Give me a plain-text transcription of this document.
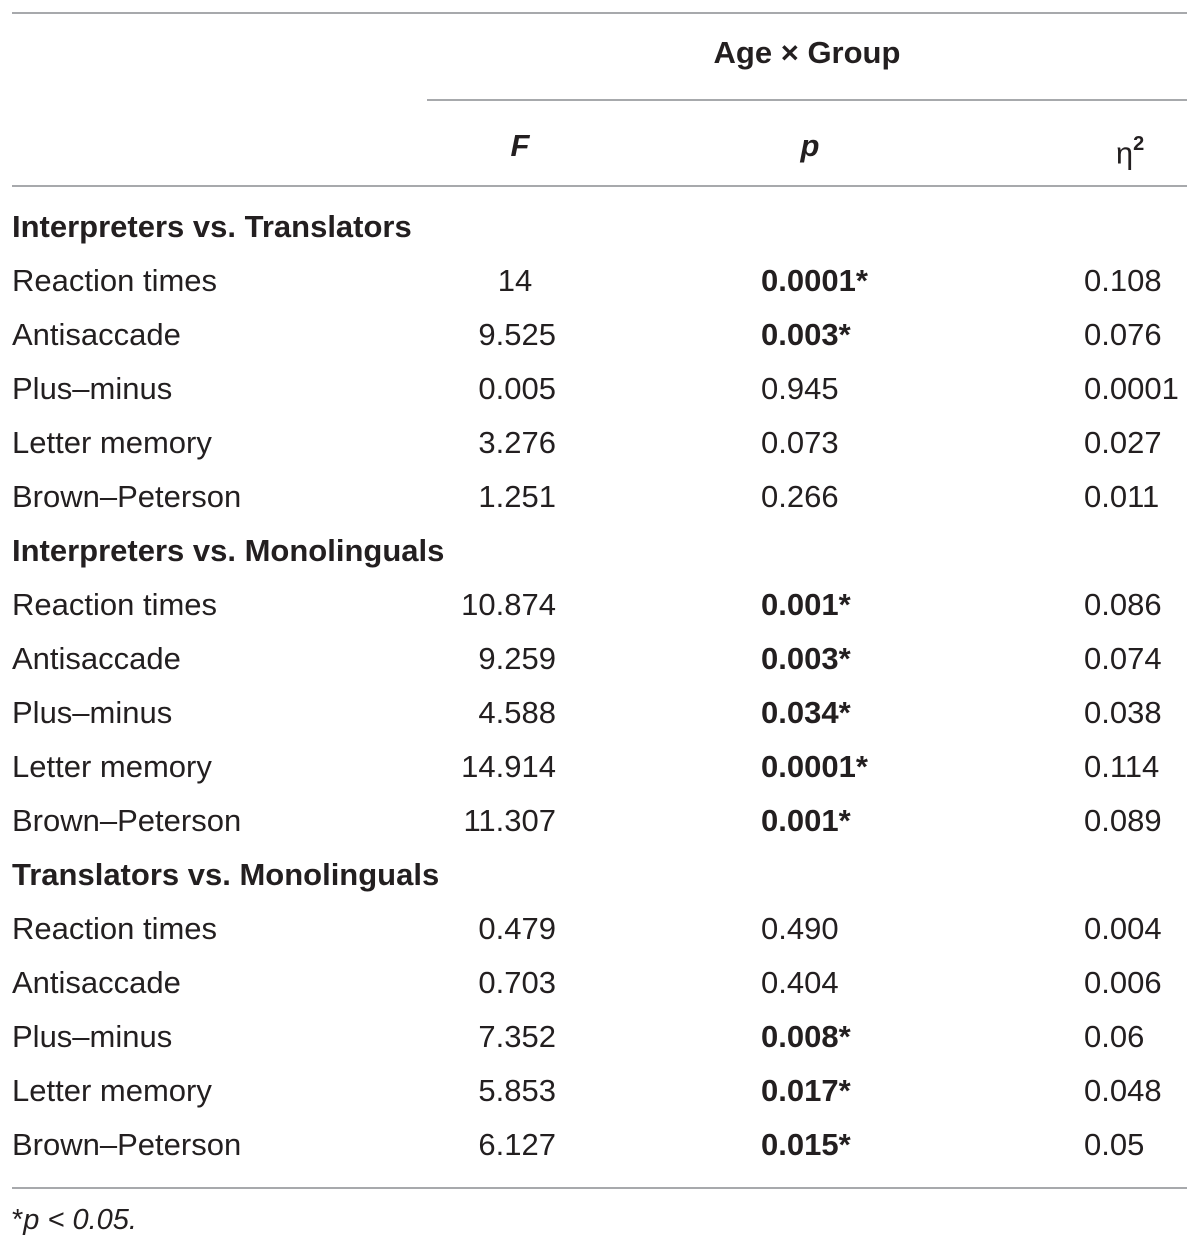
Age × Group
F	p	$\eta^2$
Interpreters vs. Translators
Reaction times	14	0.0001*	0.108
Antisaccade	9.525	0.003*	0.076
Plus–minus	0.005	0.945	0.0001
Letter memory	3.276	0.073	0.027
Brown–Peterson	1.251	0.266	0.011
Interpreters vs. Monolinguals
Reaction times	10.874	0.001*	0.086
Antisaccade	9.259	0.003*	0.074
Plus–minus	4.588	0.034*	0.038
Letter memory	14.914	0.0001*	0.114
Brown–Peterson	11.307	0.001*	0.089
Translators vs. Monolinguals
Reaction times	0.479	0.490	0.004
Antisaccade	0.703	0.404	0.006
Plus–minus	7.352	0.008*	0.06
Letter memory	5.853	0.017*	0.048
Brown–Peterson	6.127	0.015*	0.05
*p < 0.05.
